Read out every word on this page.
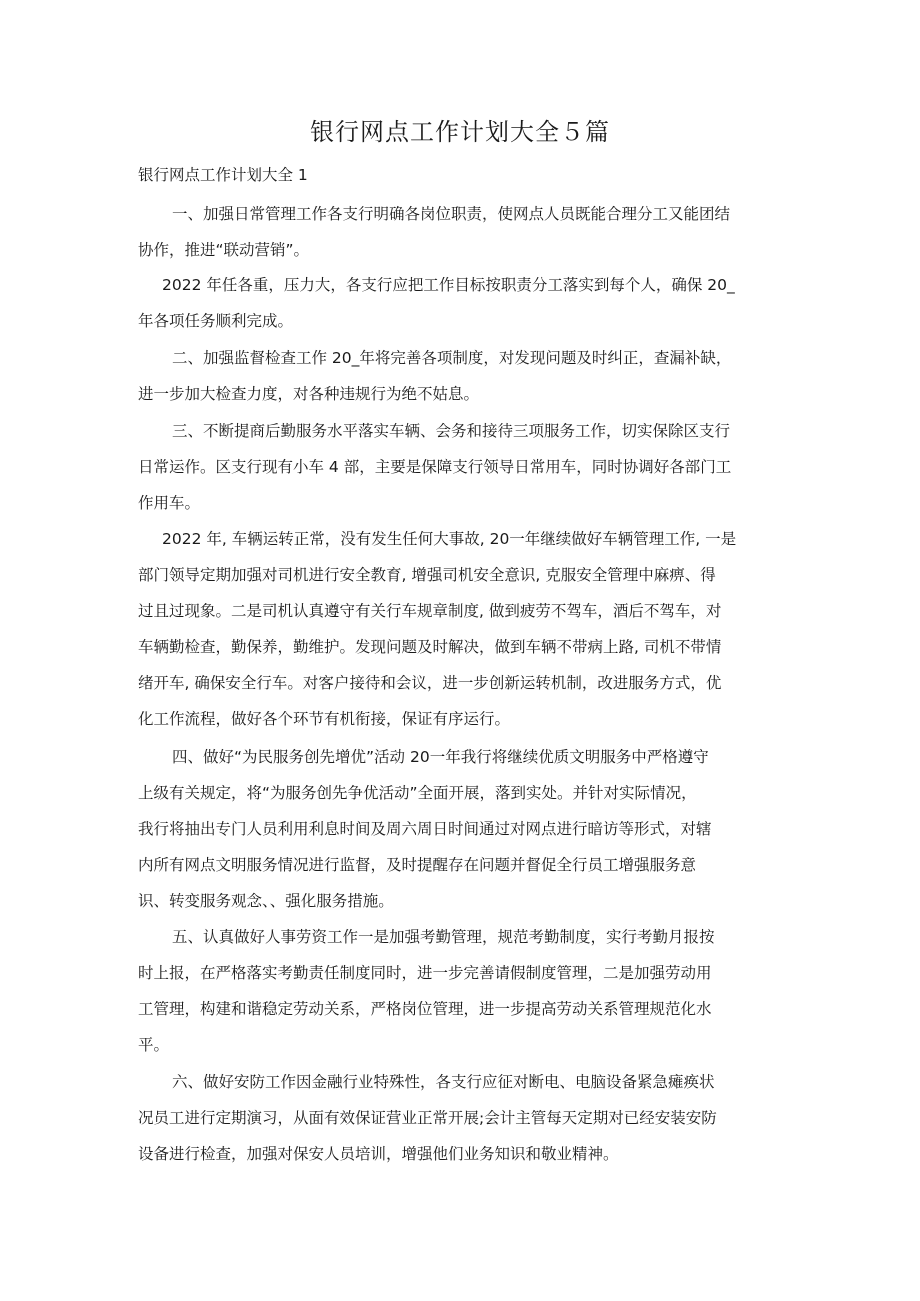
银行网点工作计划大全５篇

银行网点工作计划大全 1

一、加强日常管理工作各支行明确各岗位职责，使网点人员既能合理分工又能团结
协作，推进“联动营销”。

2022 年任各重，压力大，各支行应把工作目标按职责分工落实到每个人，确保 20_
年各项任务顺利完成。

二、加强监督检查工作 20_年将完善各项制度，对发现问题及时纠正，查漏补缺，
进一步加大检查力度，对各种违规行为绝不姑息。

三、不断提商后勤服务水平落实车辆、会务和接待三项服务工作，切实保除区支行
日常运作。区支行现有小车 4 部，主要是保障支行领导日常用车，同时协调好各部门工
作用车。

2022 年, 车辆运转正常，没有发生任何大事故, 20一年继续做好车辆管理工作, 一是
部门领导定期加强对司机进行安全教育, 增强司机安全意识, 克服安全管理中麻痹、得
过且过现象。二是司机认真遵守有关行车规章制度, 做到疲劳不驾车，酒后不驾车，对
车辆勤检查，勤保养，勤维护。发现问题及时解决，做到车辆不带病上路, 司机不带情
绪开车, 确保安全行车。对客户接待和会议，进一步创新运转机制，改进服务方式，优
化工作流程，做好各个环节有机衔接，保证有序运行。

四、做好“为民服务创先增优”活动 20一年我行将继续优质文明服务中严格遵守
上级有关规定，将“为服务创先争优活动”全面开展，落到实处。并针对实际情况，
我行将抽出专门人员利用利息时间及周六周日时间通过对网点进行暗访等形式，对辖
内所有网点文明服务情况进行监督，及时提醒存在问题并督促全行员工增强服务意
识、转变服务观念、、强化服务措施。

五、认真做好人事劳资工作一是加强考勤管理，规范考勤制度，实行考勤月报按
时上报，在严格落实考勤责任制度同时，进一步完善请假制度管理，二是加强劳动用
工管理，构建和谐稳定劳动关系，严格岗位管理，进一步提高劳动关系管理规范化水
平。

六、做好安防工作因金融行业特殊性，各支行应征对断电、电脑设备紧急瘫痪状
况员工进行定期演习，从面有效保证营业正常开展;会计主管每天定期对已经安装安防
设备进行检查，加强对保安人员培训，增强他们业务知识和敬业精神。
